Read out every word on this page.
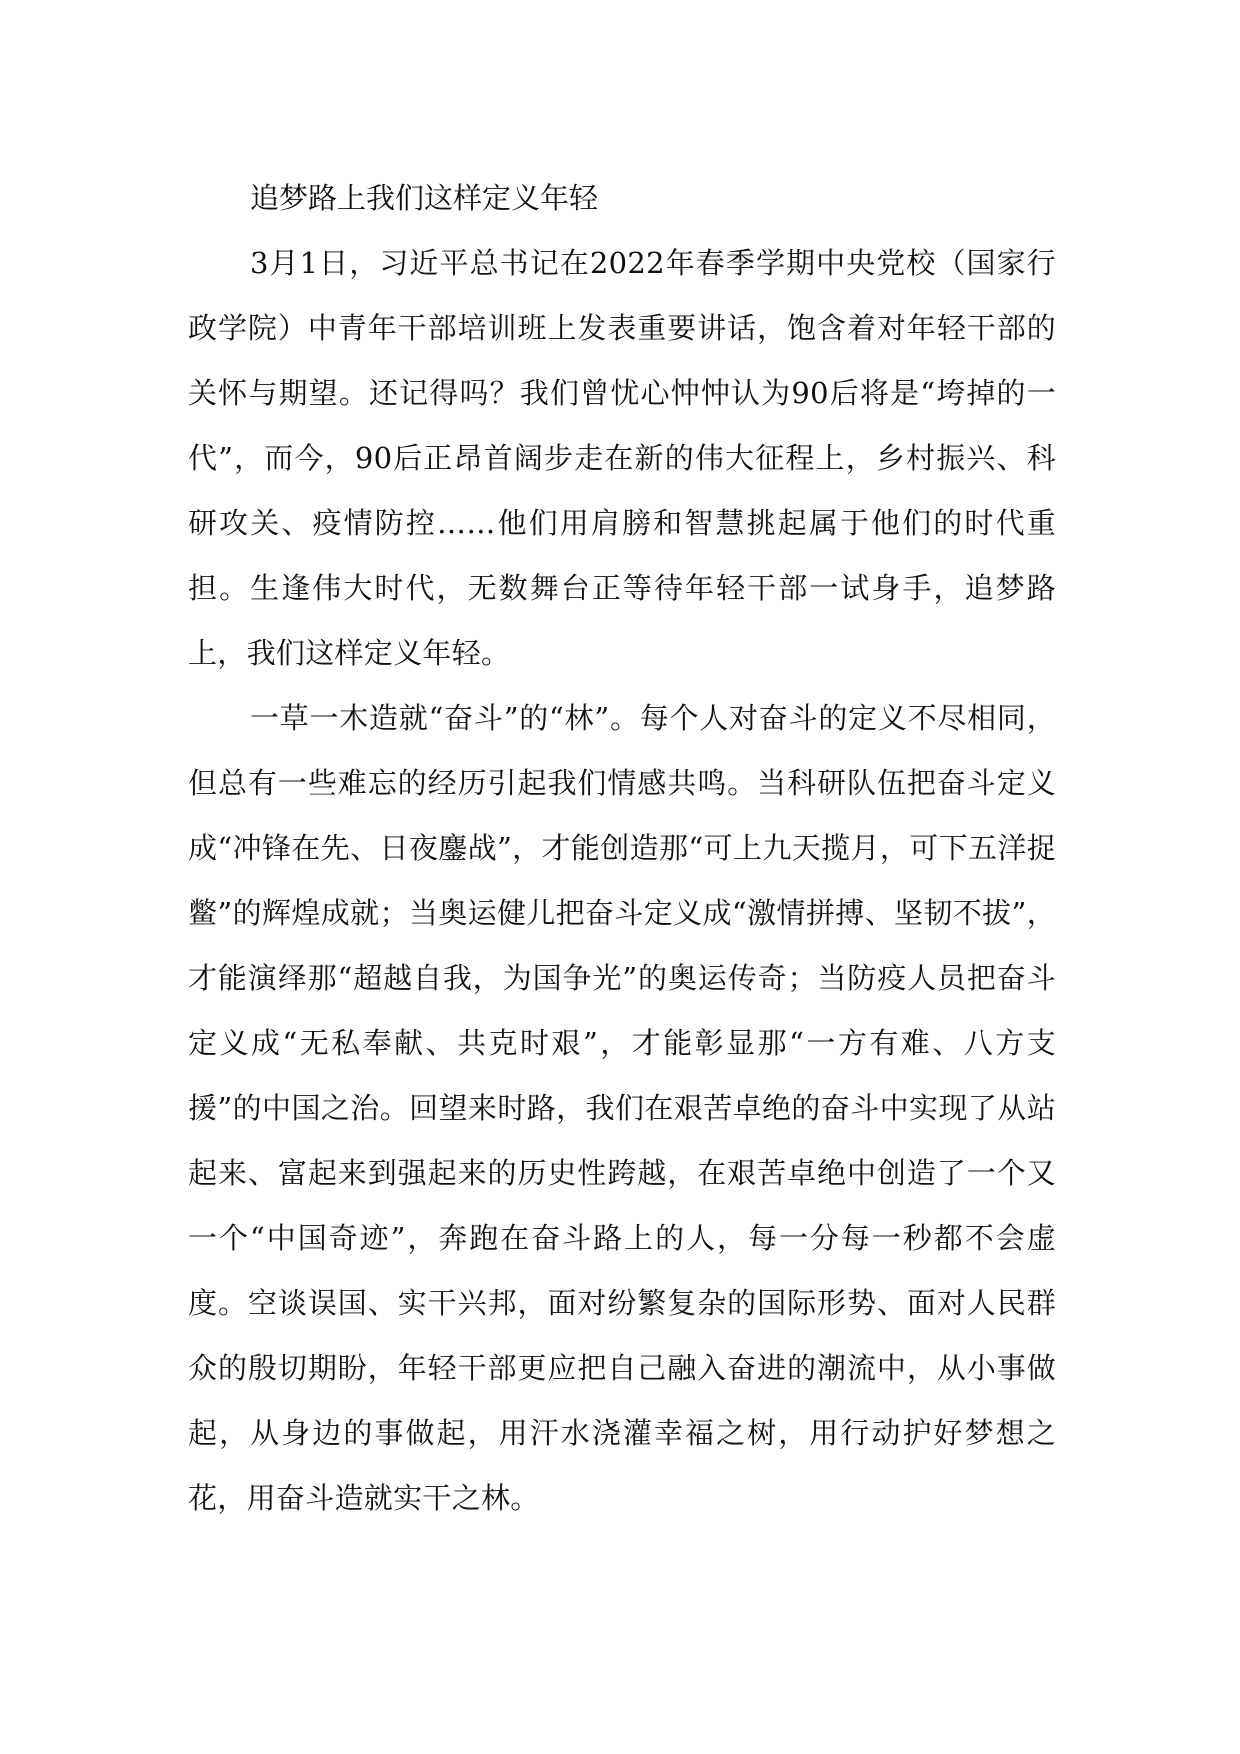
追梦路上我们这样定义年轻

3月1日，习近平总书记在2022年春季学期中央党校（国家行政学院）中青年干部培训班上发表重要讲话，饱含着对年轻干部的关怀与期望。还记得吗？我们曾忧心忡忡认为90后将是“垮掉的一代”，而今，90后正昂首阔步走在新的伟大征程上，乡村振兴、科研攻关、疫情防控……他们用肩膀和智慧挑起属于他们的时代重担。生逢伟大时代，无数舞台正等待年轻干部一试身手，追梦路上，我们这样定义年轻。

一草一木造就“奋斗”的“林”。每个人对奋斗的定义不尽相同，但总有一些难忘的经历引起我们情感共鸣。当科研队伍把奋斗定义成“冲锋在先、日夜鏖战”，才能创造那“可上九天揽月，可下五洋捉鳖”的辉煌成就；当奥运健儿把奋斗定义成“激情拼搏、坚韧不拔”，才能演绎那“超越自我，为国争光”的奥运传奇；当防疫人员把奋斗定义成“无私奉献、共克时艰”，才能彰显那“一方有难、八方支援”的中国之治。回望来时路，我们在艰苦卓绝的奋斗中实现了从站起来、富起来到强起来的历史性跨越，在艰苦卓绝中创造了一个又一个“中国奇迹”，奔跑在奋斗路上的人，每一分每一秒都不会虚度。空谈误国、实干兴邦，面对纷繁复杂的国际形势、面对人民群众的殷切期盼，年轻干部更应把自己融入奋进的潮流中，从小事做起，从身边的事做起，用汗水浇灌幸福之树，用行动护好梦想之花，用奋斗造就实干之林。
